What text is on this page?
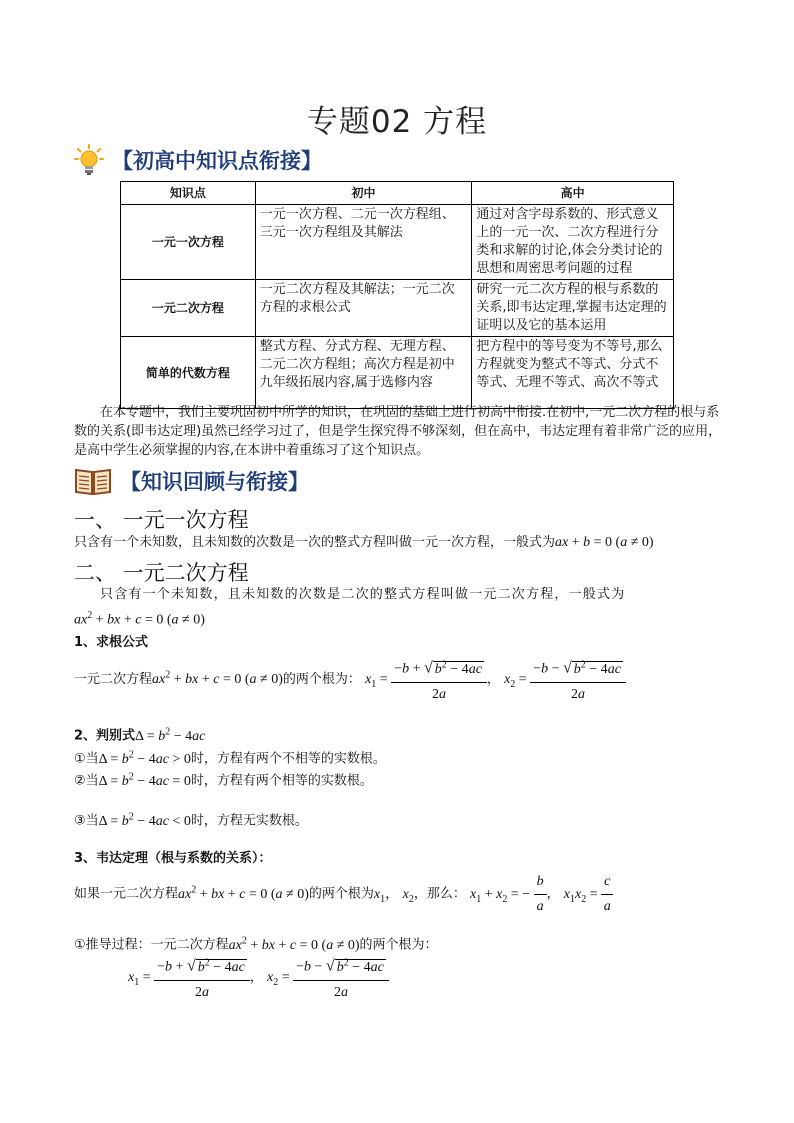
专题02 方程
【初高中知识点衔接】
知识点	初中	高中
一元一次方程	一元一次方程、二元一次方程组、三元一次方程组及其解法	通过对含字母系数的、形式意义上的一元一次、二次方程进行分类和求解的讨论,体会分类讨论的思想和周密思考问题的过程
一元二次方程	一元二次方程及其解法；一元二次方程的求根公式	研究一元二次方程的根与系数的关系,即韦达定理,掌握韦达定理的证明以及它的基本运用
简单的代数方程	整式方程、分式方程、无理方程、二元二次方程组；高次方程是初中九年级拓展内容,属于选修内容	把方程中的等号变为不等号,那么方程就变为整式不等式、分式不等式、无理不等式、高次不等式
在本专题中，我们主要巩固初中所学的知识，在巩固的基础上进行初高中衔接.在初中,一元二次方程的根与系数的关系(即韦达定理)虽然已经学习过了，但是学生探究得不够深刻，但在高中，韦达定理有着非常广泛的应用，是高中学生必须掌握的内容,在本讲中着重练习了这个知识点。
【知识回顾与衔接】
一、 一元一次方程
只含有一个未知数，且未知数的次数是一次的整式方程叫做一元一次方程，一般式为ax + b = 0 (a ≠ 0)
二、 一元二次方程
只含有一个未知数，且未知数的次数是二次的整式方程叫做一元二次方程，一般式为
$ax^2$ + bx + c = 0 (a ≠ 0)
1、求根公式
一元二次方程$ax^2$ + bx + c = 0 (a ≠ 0)的两个根为： $x_1 = \frac{-b + √ b^2 - 4ac}{2a}$ ， $x_2 = \frac{-b - √ b^2 - 4ac}{2a}$
2、判别式$\Delta = b^2 - 4ac$
①当$\Delta = b^2 - 4ac > 0$时，方程有两个不相等的实数根。
②当$\Delta = b^2 - 4ac = 0$时，方程有两个相等的实数根。
③当$\Delta = b^2 - 4ac < 0$时，方程无实数根。
3、韦达定理（根与系数的关系）：
如果一元二次方程$ax^2$ + bx + c = 0 (a ≠ 0)的两个根为$x_1$， $x_2$，那么： $x_1 + x_2$ = − $\frac{b}{a}$ ， $x_1x_2 = \frac{c}{a}$
①推导过程：一元二次方程$ax^2$ + bx + c = 0 (a ≠ 0)的两个根为：
$x_1 = \frac{-b + √ b^2 - 4ac}{2a}$ ， $x_2 = \frac{-b - √ b^2 - 4ac}{2a}$
